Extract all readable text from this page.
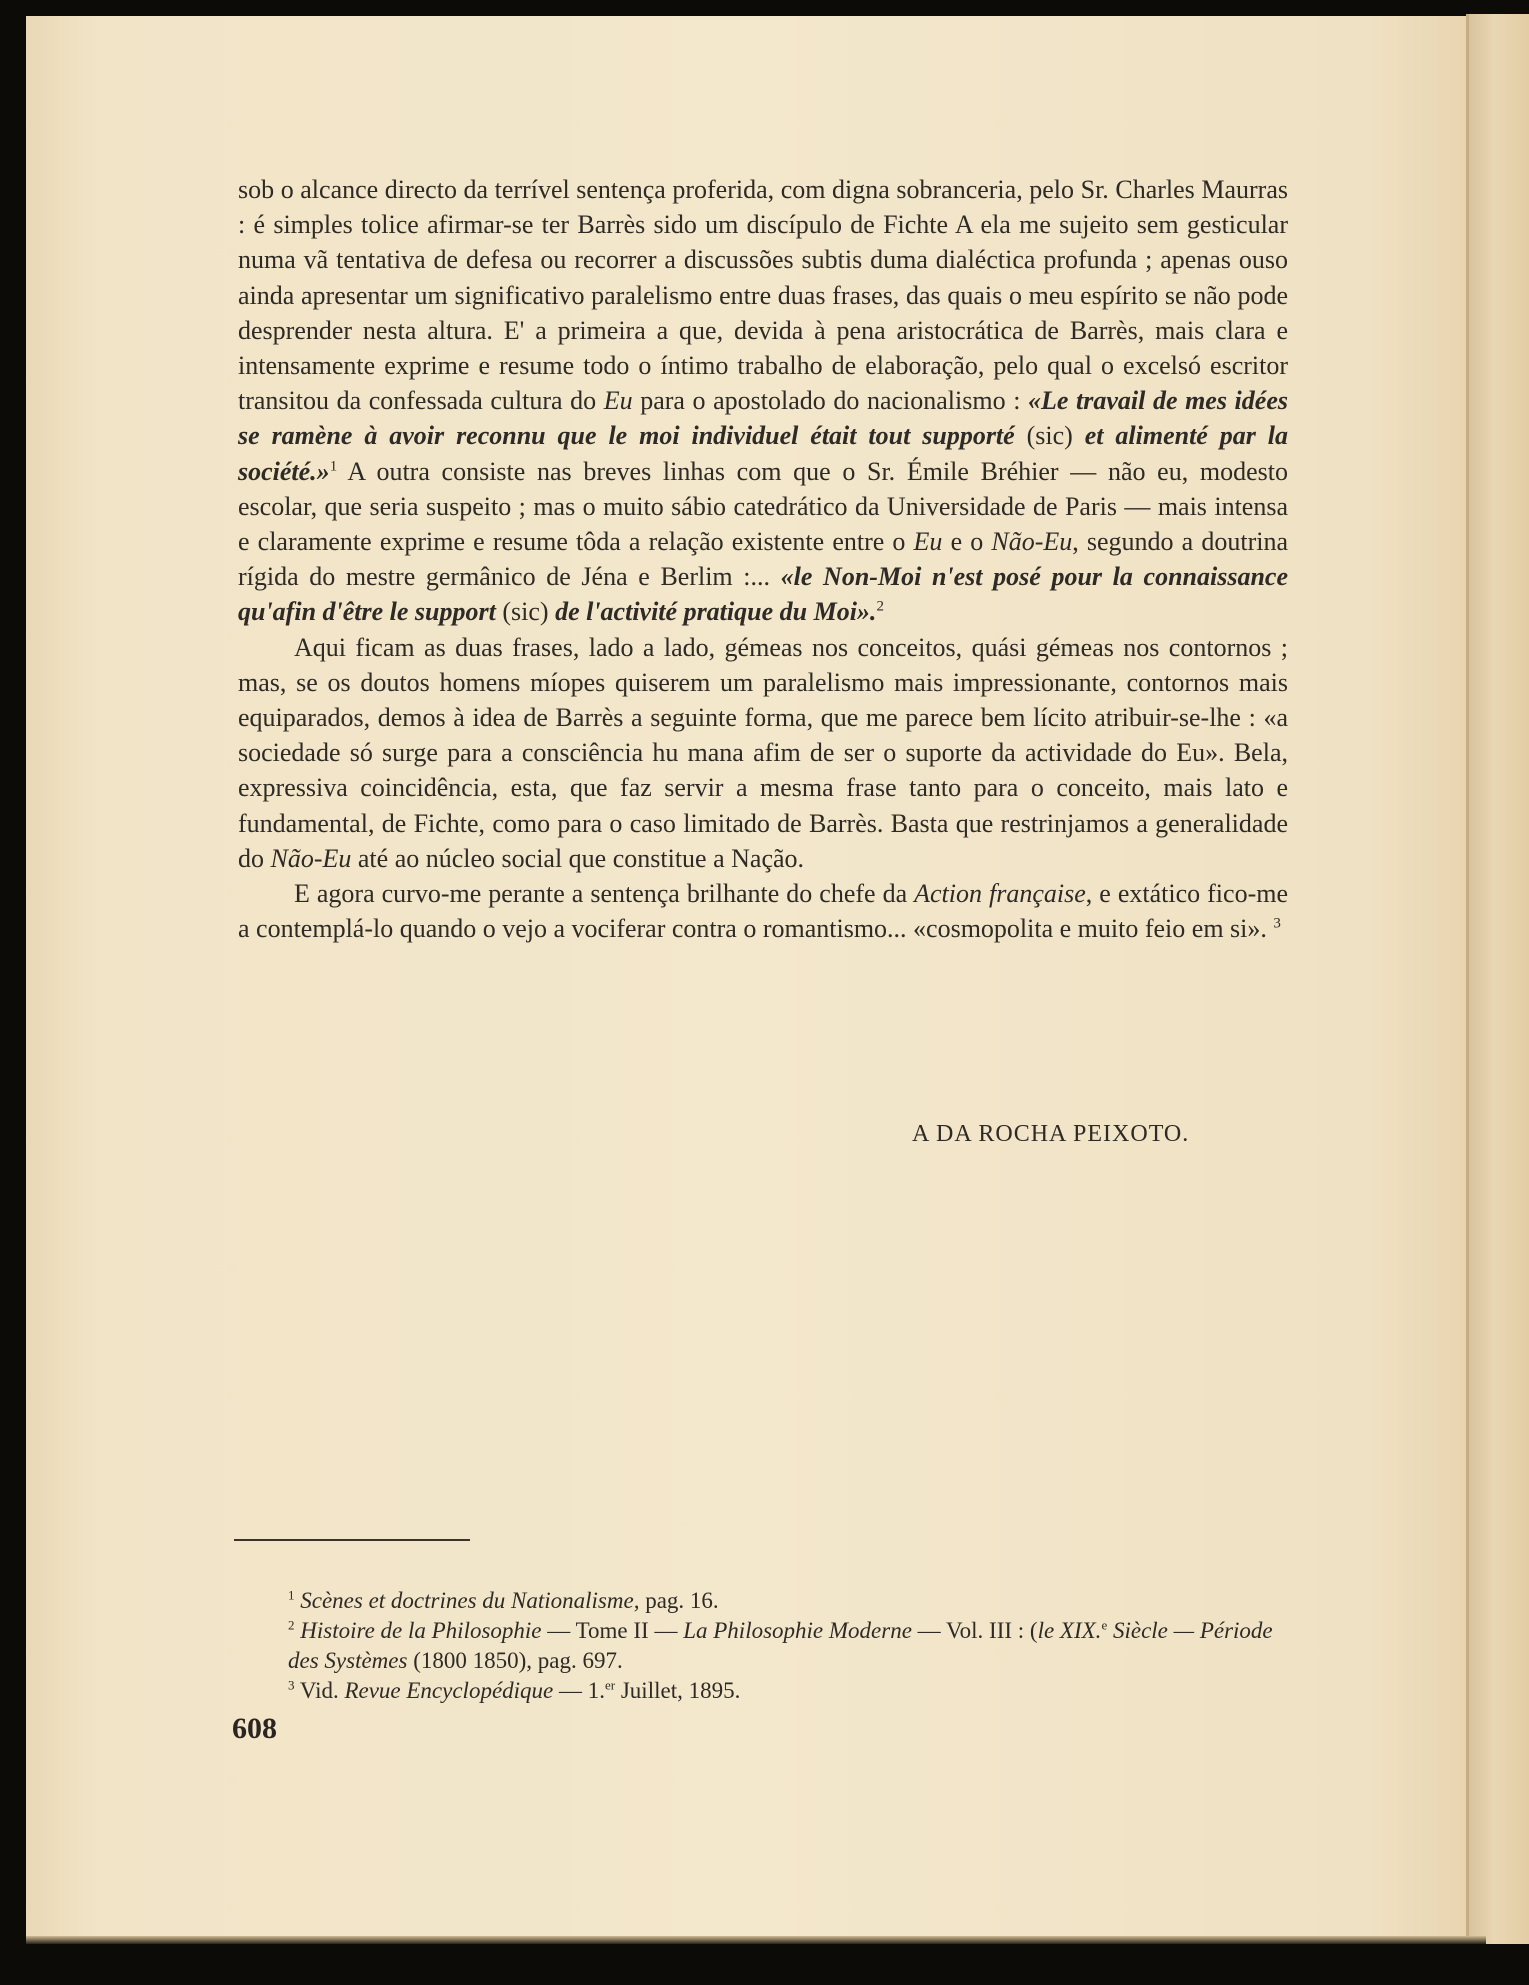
sob o alcance directo da terrível sentença proferida, com digna sobranceria, pelo Sr. Charles Maurras : é simples tolice afirmar-se ter Barrès sido um discípulo de Fichte A ela me sujeito sem gesticular numa vã tentativa de defesa ou recorrer a discussões subtis duma dialéctica profunda ; apenas ouso ainda apresentar um significativo paralelismo entre duas frases, das quais o meu espírito se não pode desprender nesta altura. E' a primeira a que, devida à pena aristocrática de Barrès, mais clara e intensamente exprime e resume todo o íntimo trabalho de elaboração, pelo qual o excelsó escritor transitou da confessada cultura do Eu para o apostolado do nacionalismo : «Le travail de mes idées se ramène à avoir reconnu que le moi individuel était tout supporté (sic) et alimenté par la société.»$^1$ A outra consiste nas breves linhas com que o Sr. Émile Bréhier — não eu, modesto escolar, que seria suspeito ; mas o muito sábio catedrático da Universidade de Paris — mais intensa e claramente exprime e resume tôda a relação existente entre o Eu e o Não-Eu, segundo a doutrina rígida do mestre germânico de Jéna e Berlim :... «le Non-Moi n'est posé pour la connaissance qu'afin d'être le support (sic) de l'activité pratique du Moi».$^2$

Aqui ficam as duas frases, lado a lado, gémeas nos conceitos, quási gémeas nos contornos ; mas, se os doutos homens míopes quiserem um paralelismo mais impressionante, contornos mais equiparados, demos à idea de Barrès a seguinte forma, que me parece bem lícito atribuir-se-lhe : «a sociedade só surge para a consciência hu mana afim de ser o suporte da actividade do Eu». Bela, expressiva coincidência, esta, que faz servir a mesma frase tanto para o conceito, mais lato e fundamental, de Fichte, como para o caso limitado de Barrès. Basta que restrinjamos a generalidade do Não-Eu até ao núcleo social que constitue a Nação.

E agora curvo-me perante a sentença brilhante do chefe da Action française, e extático fico-me a contemplá-lo quando o vejo a vociferar contra o romantismo... «cosmopolita e muito feio em si». $^3$

A DA ROCHA PEIXOTO.

$^1$ Scènes et doctrines du Nationalisme, pag. 16.

$^2$ Histoire de la Philosophie — Tome II — La Philosophie Moderne — Vol. III : (le XIX.$^e$ Siècle — Période des Systèmes (1800 1850), pag. 697.

$^3$ Vid. Revue Encyclopédique — 1.$^{er}$ Juillet, 1895.

608
